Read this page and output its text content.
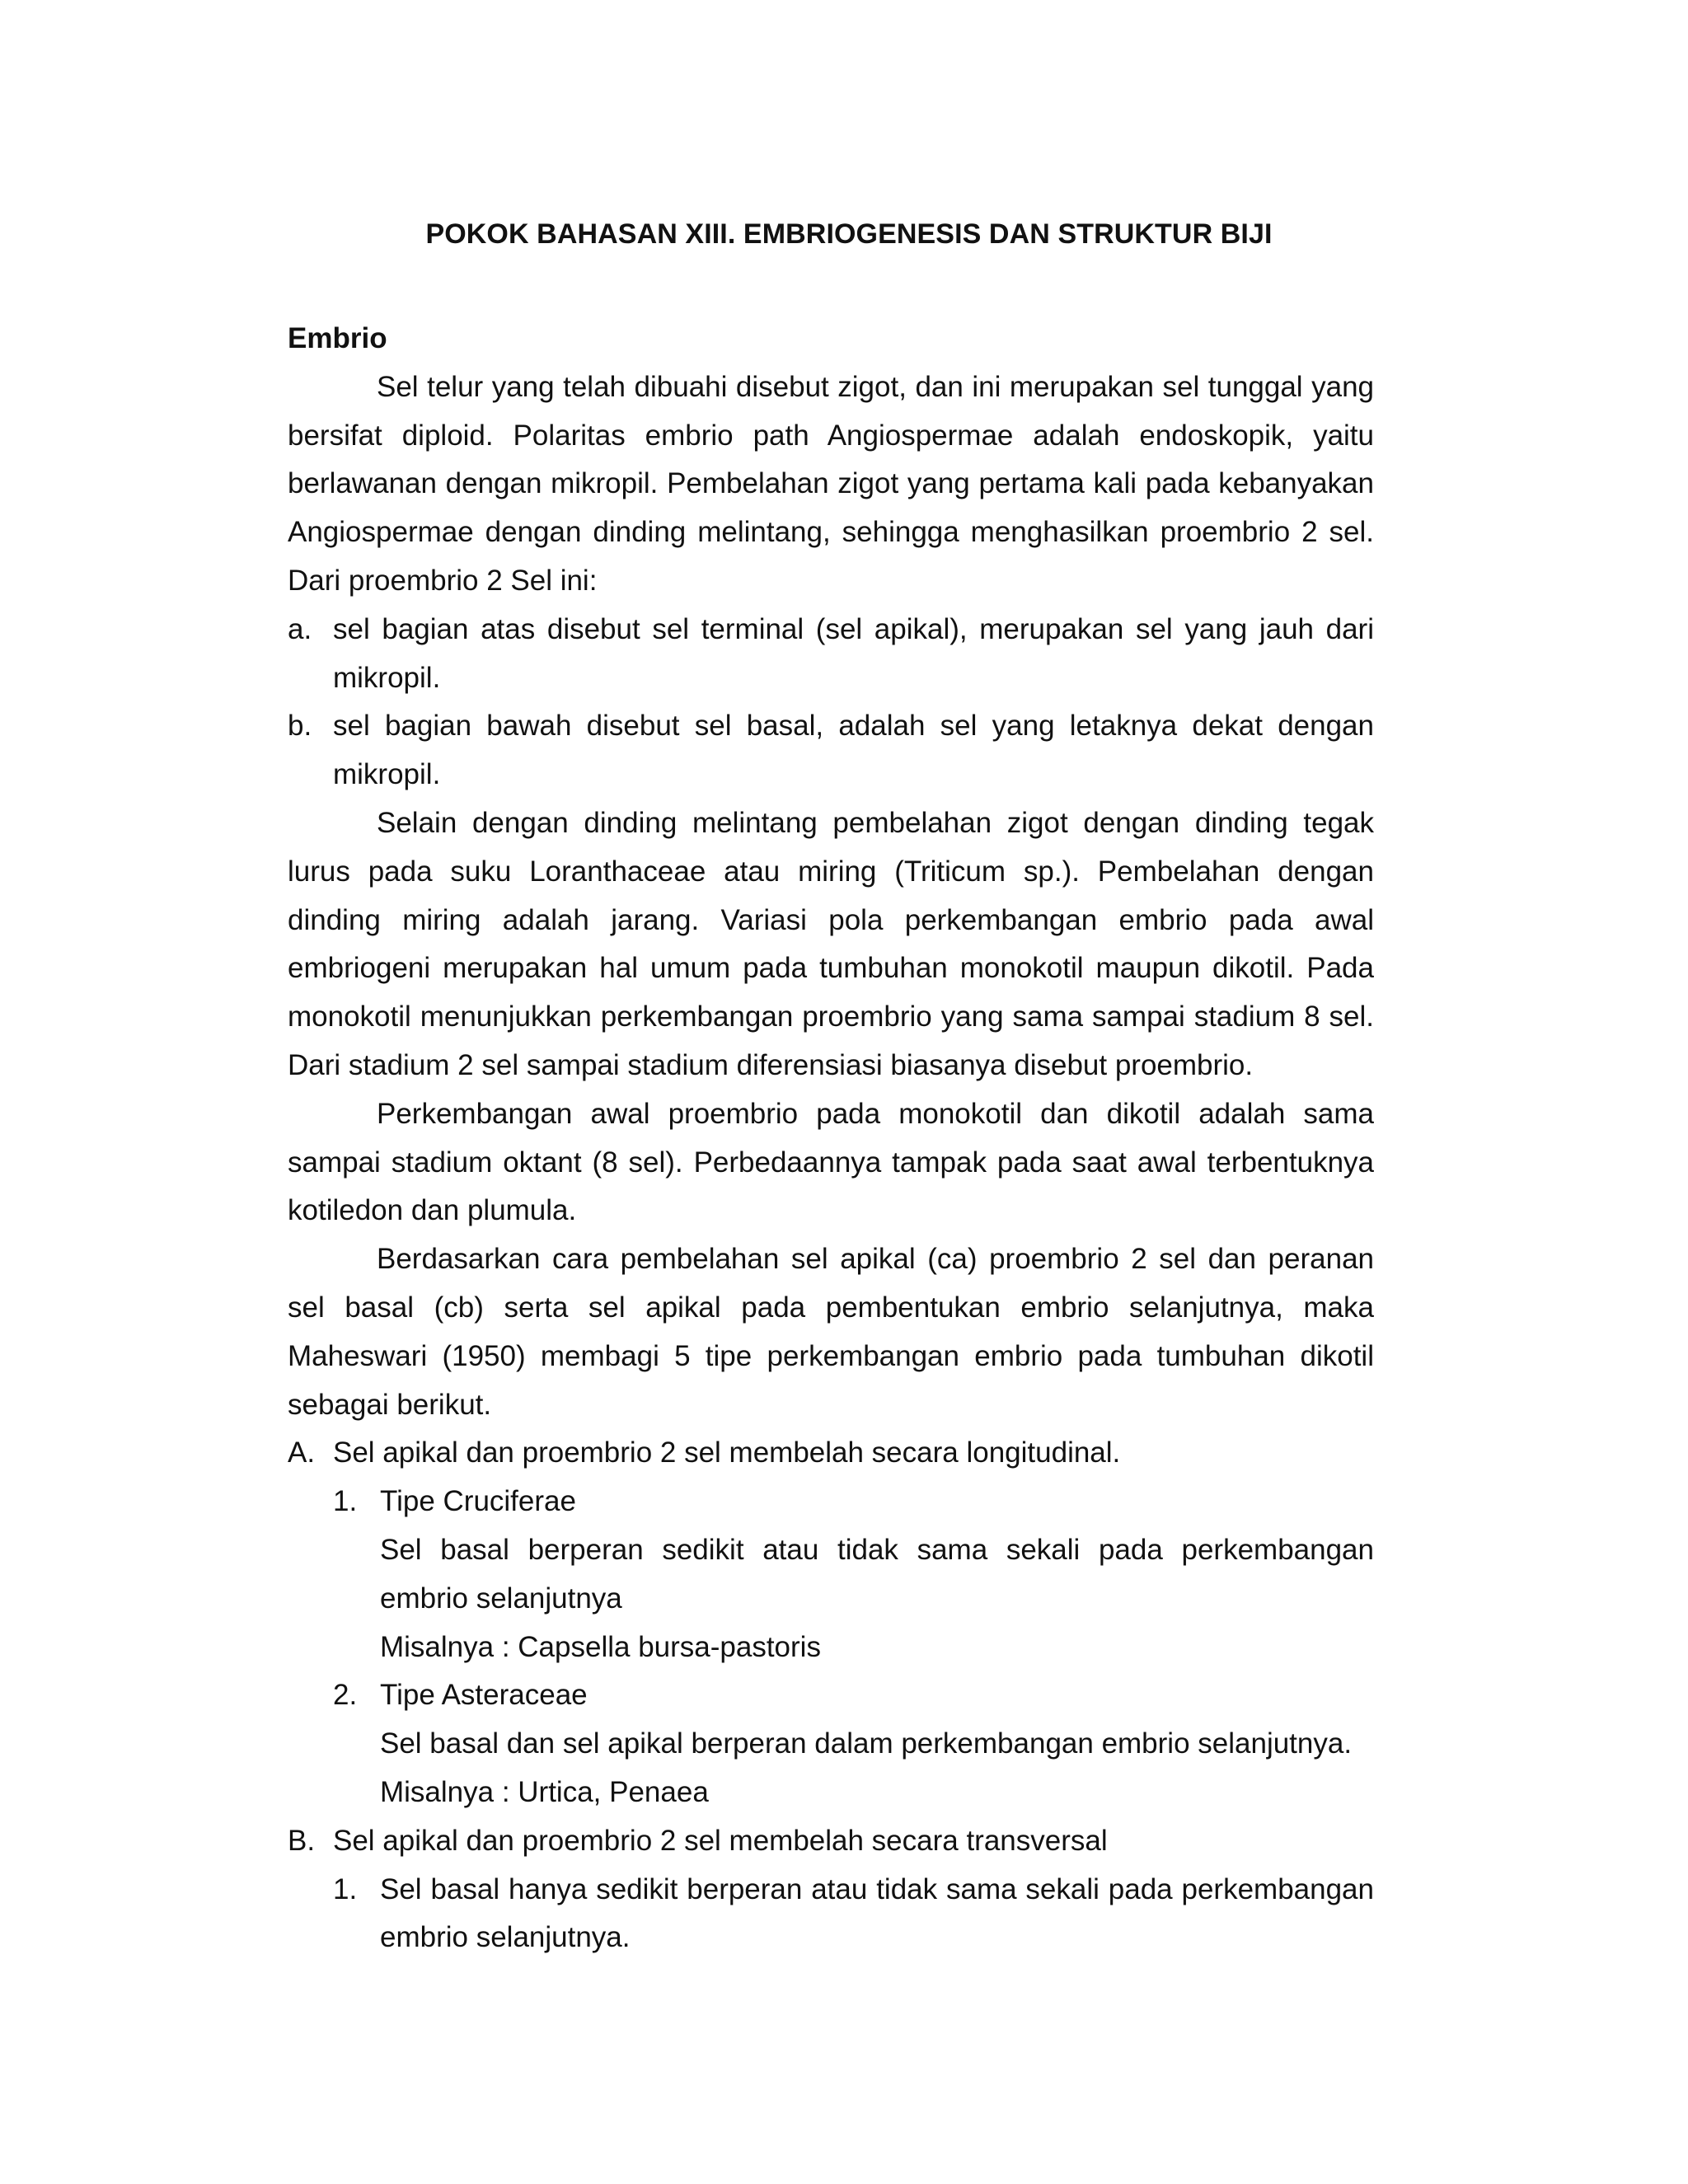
POKOK BAHASAN XIII. EMBRIOGENESIS DAN STRUKTUR BIJI
Embrio

Sel telur yang telah dibuahi disebut zigot, dan ini merupakan sel tunggal yang bersifat diploid. Polaritas embrio path Angiospermae adalah endoskopik, yaitu berlawanan dengan mikropil. Pembelahan zigot yang pertama kali pada kebanyakan Angiospermae dengan dinding melintang, sehingga menghasilkan proembrio 2 sel. Dari proembrio 2 Sel ini:

a. sel bagian atas disebut sel terminal (sel apikal), merupakan sel yang jauh dari mikropil.
b. sel bagian bawah disebut sel basal, adalah sel yang letaknya dekat dengan mikropil.

Selain dengan dinding melintang pembelahan zigot dengan dinding tegak lurus pada suku Loranthaceae atau miring (Triticum sp.). Pembelahan dengan dinding miring adalah jarang. Variasi pola perkembangan embrio pada awal embriogeni merupakan hal umum pada tumbuhan monokotil maupun dikotil. Pada monokotil menunjukkan perkembangan proembrio yang sama sampai stadium 8 sel. Dari stadium 2 sel sampai stadium diferensiasi biasanya disebut proembrio.

Perkembangan awal proembrio pada monokotil dan dikotil adalah sama sampai stadium oktant (8 sel). Perbedaannya tampak pada saat awal terbentuknya kotiledon dan plumula.

Berdasarkan cara pembelahan sel apikal (ca) proembrio 2 sel dan peranan sel basal (cb) serta sel apikal pada pembentukan embrio selanjutnya, maka Maheswari (1950) membagi 5 tipe perkembangan embrio pada tumbuhan dikotil sebagai berikut.

A. Sel apikal dan proembrio 2 sel membelah secara longitudinal.
1. Tipe Cruciferae
Sel basal berperan sedikit atau tidak sama sekali pada perkembangan embrio selanjutnya
Misalnya : Capsella bursa-pastoris
2. Tipe Asteraceae
Sel basal dan sel apikal berperan dalam perkembangan embrio selanjutnya.
Misalnya : Urtica, Penaea
B. Sel apikal dan proembrio 2 sel membelah secara transversal
1. Sel basal hanya sedikit berperan atau tidak sama sekali pada perkembangan embrio selanjutnya.
